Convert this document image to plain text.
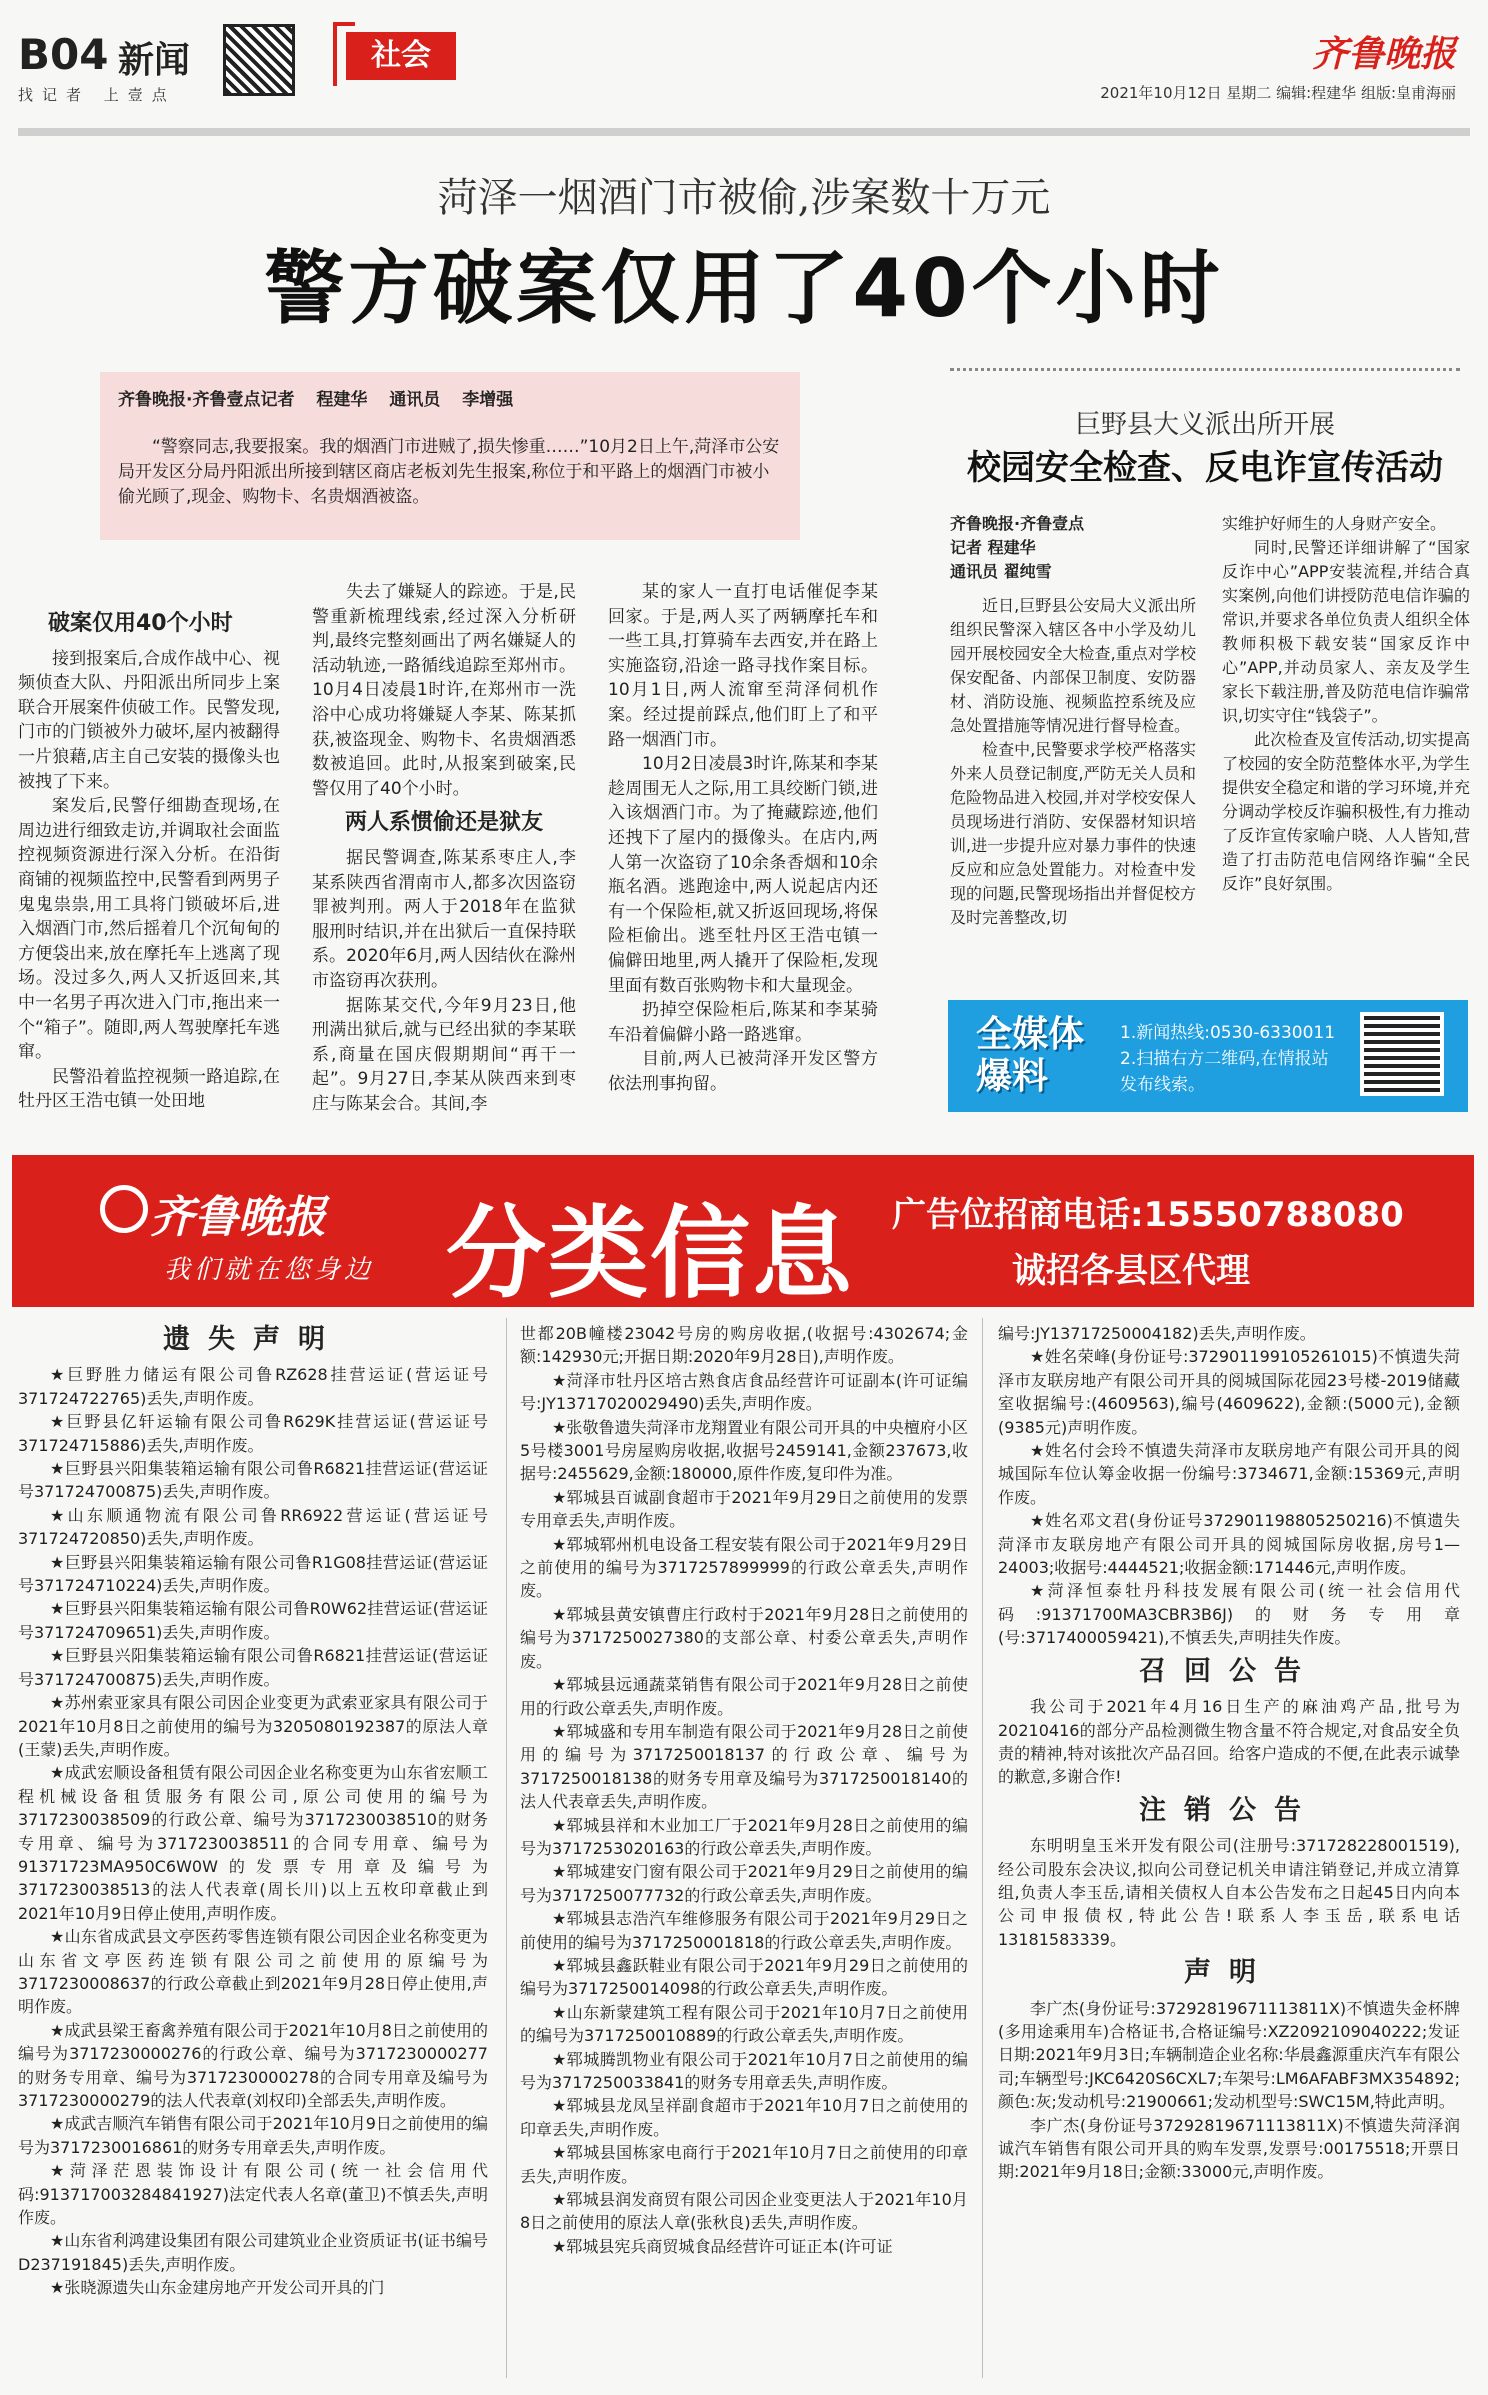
B04 新闻	社会
找记者 上壹点
齐鲁晚报
2021年10月12日 星期二 编辑:程建华 组版:皇甫海丽
菏泽一烟酒门市被偷,涉案数十万元
警方破案仅用了40个小时
齐鲁晚报·齐鲁壹点记者 程建华 通讯员 李增强

“警察同志,我要报案。我的烟酒门市进贼了,损失惨重……”10月2日上午,菏泽市公安局开发区分局丹阳派出所接到辖区商店老板刘先生报案,称位于和平路上的烟酒门市被小偷光顾了,现金、购物卡、名贵烟酒被盗。

破案仅用40个小时

接到报案后,合成作战中心、视频侦查大队、丹阳派出所同步上案联合开展案件侦破工作。民警发现,门市的门锁被外力破坏,屋内被翻得一片狼藉,店主自己安装的摄像头也被拽了下来。

案发后,民警仔细勘查现场,在周边进行细致走访,并调取社会面监控视频资源进行深入分析。在沿街商铺的视频监控中,民警看到两男子鬼鬼祟祟,用工具将门锁破坏后,进入烟酒门市,然后摇着几个沉甸甸的方便袋出来,放在摩托车上逃离了现场。没过多久,两人又折返回来,其中一名男子再次进入门市,拖出来一个“箱子”。随即,两人驾驶摩托车逃窜。

民警沿着监控视频一路追踪,在牡丹区王浩屯镇一处田地

失去了嫌疑人的踪迹。于是,民警重新梳理线索,经过深入分析研判,最终完整刻画出了两名嫌疑人的活动轨迹,一路循线追踪至郑州市。10月4日凌晨1时许,在郑州市一洗浴中心成功将嫌疑人李某、陈某抓获,被盗现金、购物卡、名贵烟酒悉数被追回。此时,从报案到破案,民警仅用了40个小时。

两人系惯偷还是狱友

据民警调查,陈某系枣庄人,李某系陕西省渭南市人,都多次因盗窃罪被判刑。两人于2018年在监狱服刑时结识,并在出狱后一直保持联系。2020年6月,两人因结伙在滁州市盗窃再次获刑。

据陈某交代,今年9月23日,他刑满出狱后,就与已经出狱的李某联系,商量在国庆假期期间“再干一起”。9月27日,李某从陕西来到枣庄与陈某会合。其间,李

某的家人一直打电话催促李某回家。于是,两人买了两辆摩托车和一些工具,打算骑车去西安,并在路上实施盗窃,沿途一路寻找作案目标。10月1日,两人流窜至菏泽伺机作案。经过提前踩点,他们盯上了和平路一烟酒门市。

10月2日凌晨3时许,陈某和李某趁周围无人之际,用工具绞断门锁,进入该烟酒门市。为了掩藏踪迹,他们还拽下了屋内的摄像头。在店内,两人第一次盗窃了10余条香烟和10余瓶名酒。逃跑途中,两人说起店内还有一个保险柜,就又折返回现场,将保险柜偷出。逃至牡丹区王浩屯镇一偏僻田地里,两人撬开了保险柜,发现里面有数百张购物卡和大量现金。

扔掉空保险柜后,陈某和李某骑车沿着偏僻小路一路逃窜。

目前,两人已被菏泽开发区警方依法刑事拘留。

巨野县大义派出所开展
校园安全检查、反电诈宣传活动
齐鲁晚报·齐鲁壹点
记者 程建华
通讯员 翟纯雪

近日,巨野县公安局大义派出所组织民警深入辖区各中小学及幼儿园开展校园安全大检查,重点对学校保安配备、内部保卫制度、安防器材、消防设施、视频监控系统及应急处置措施等情况进行督导检查。

检查中,民警要求学校严格落实外来人员登记制度,严防无关人员和危险物品进入校园,并对学校安保人员现场进行消防、安保器材知识培训,进一步提升应对暴力事件的快速反应和应急处置能力。对检查中发现的问题,民警现场指出并督促校方及时完善整改,切

实维护好师生的人身财产安全。

同时,民警还详细讲解了“国家反诈中心”APP安装流程,并结合真实案例,向他们讲授防范电信诈骗的常识,并要求各单位负责人组织全体教师积极下载安装“国家反诈中心”APP,并动员家人、亲友及学生家长下载注册,普及防范电信诈骗常识,切实守住“钱袋子”。

此次检查及宣传活动,切实提高了校园的安全防范整体水平,为学生提供安全稳定和谐的学习环境,并充分调动学校反诈骗积极性,有力推动了反诈宣传家喻户晓、人人皆知,营造了打击防范电信网络诈骗“全民反诈”良好氛围。

全媒体
爆料
1.新闻热线:0530-6330011
2.扫描右方二维码,在情报站
发布线索。
齐鲁晚报
我们就在您身边 分类信息 广告位招商电话:15550788080
诚招各县区代理
遗失声明

★巨野胜力储运有限公司鲁RZ628挂营运证(营运证号371724722765)丢失,声明作废。

★巨野县亿轩运输有限公司鲁R629K挂营运证(营运证号371724715886)丢失,声明作废。

★巨野县兴阳集装箱运输有限公司鲁R6821挂营运证(营运证号371724700875)丢失,声明作废。

★山东顺通物流有限公司鲁RR6922营运证(营运证号371724720850)丢失,声明作废。

★巨野县兴阳集装箱运输有限公司鲁R1G08挂营运证(营运证号371724710224)丢失,声明作废。

★巨野县兴阳集装箱运输有限公司鲁R0W62挂营运证(营运证号371724709651)丢失,声明作废。

★巨野县兴阳集装箱运输有限公司鲁R6821挂营运证(营运证号371724700875)丢失,声明作废。

★苏州索亚家具有限公司因企业变更为武索亚家具有限公司于2021年10月8日之前使用的编号为3205080192387的原法人章(王蒙)丢失,声明作废。

★成武宏顺设备租赁有限公司因企业名称变更为山东省宏顺工程机械设备租赁服务有限公司,原公司使用的编号为3717230038509的行政公章、编号为3717230038510的财务专用章、编号为3717230038511的合同专用章、编号为91371723MA950C6W0W的发票专用章及编号为3717230038513的法人代表章(周长川)以上五枚印章截止到2021年10月9日停止使用,声明作废。

★山东省成武县文亭医药零售连锁有限公司因企业名称变更为山东省文亭医药连锁有限公司之前使用的原编号为3717230008637的行政公章截止到2021年9月28日停止使用,声明作废。

★成武县梁王畜禽养殖有限公司于2021年10月8日之前使用的编号为3717230000276的行政公章、编号为3717230000277的财务专用章、编号为3717230000278的合同专用章及编号为3717230000279的法人代表章(刘权印)全部丢失,声明作废。

★成武吉顺汽车销售有限公司于2021年10月9日之前使用的编号为3717230016861的财务专用章丢失,声明作废。

★菏泽茫恩装饰设计有限公司(统一社会信用代码:913717003284841927)法定代表人名章(董卫)不慎丢失,声明作废。

★山东省利鸿建设集团有限公司建筑业企业资质证书(证书编号D237191845)丢失,声明作废。

★张晓源遗失山东金建房地产开发公司开具的门

世都20B幢楼23042号房的购房收据,(收据号:4302674;金额:142930元;开据日期:2020年9月28日),声明作废。

★菏泽市牡丹区培古熟食店食品经营许可证副本(许可证编号:JY13717020029490)丢失,声明作废。

★张敬鲁遗失菏泽市龙翔置业有限公司开具的中央檀府小区5号楼3001号房屋购房收据,收据号2459141,金额237673,收据号:2455629,金额:180000,原件作废,复印件为准。

★郓城县百诚副食超市于2021年9月29日之前使用的发票专用章丢失,声明作废。

★郓城郓州机电设备工程安装有限公司于2021年9月29日之前使用的编号为3717257899999的行政公章丢失,声明作废。

★郓城县黄安镇曹庄行政村于2021年9月28日之前使用的编号为3717250027380的支部公章、村委公章丢失,声明作废。

★郓城县远通蔬菜销售有限公司于2021年9月28日之前使用的行政公章丢失,声明作废。

★郓城盛和专用车制造有限公司于2021年9月28日之前使用的编号为3717250018137的行政公章、编号为3717250018138的财务专用章及编号为3717250018140的法人代表章丢失,声明作废。

★郓城县祥和木业加工厂于2021年9月28日之前使用的编号为3717253020163的行政公章丢失,声明作废。

★郓城建安门窗有限公司于2021年9月29日之前使用的编号为3717250077732的行政公章丢失,声明作废。

★郓城县志浩汽车维修服务有限公司于2021年9月29日之前使用的编号为3717250001818的行政公章丢失,声明作废。

★郓城县鑫跃鞋业有限公司于2021年9月29日之前使用的编号为3717250014098的行政公章丢失,声明作废。

★山东新蒙建筑工程有限公司于2021年10月7日之前使用的编号为3717250010889的行政公章丢失,声明作废。

★郓城腾凯物业有限公司于2021年10月7日之前使用的编号为3717250033841的财务专用章丢失,声明作废。

★郓城县龙凤呈祥副食超市于2021年10月7日之前使用的印章丢失,声明作废。

★郓城县国栋家电商行于2021年10月7日之前使用的印章丢失,声明作废。

★郓城县润发商贸有限公司因企业变更法人于2021年10月8日之前使用的原法人章(张秋良)丢失,声明作废。

★郓城县宪兵商贸城食品经营许可证正本(许可证

编号:JY13717250004182)丢失,声明作废。

★姓名荣峰(身份证号:372901199105261015)不慎遗失菏泽市友联房地产有限公司开具的阅城国际花园23号楼-2019储藏室收据编号:(4609563),编号(4609622),金额:(5000元),金额(9385元)声明作废。

★姓名付会玲不慎遗失菏泽市友联房地产有限公司开具的阅城国际车位认筹金收据一份编号:3734671,金额:15369元,声明作废。

★姓名邓文君(身份证号372901198805250216)不慎遗失菏泽市友联房地产有限公司开具的阅城国际房收据,房号1—24003;收据号:4444521;收据金额:171446元,声明作废。

★菏泽恒泰牡丹科技发展有限公司(统一社会信用代码:91371700MA3CBR3B6J)的财务专用章(号:3717400059421),不慎丢失,声明挂失作废。

召回公告

我公司于2021年4月16日生产的麻油鸡产品,批号为20210416的部分产品检测微生物含量不符合规定,对食品安全负责的精神,特对该批次产品召回。给客户造成的不便,在此表示诚挚的歉意,多谢合作!

注销公告

东明明皇玉米开发有限公司(注册号:371728228001519),经公司股东会决议,拟向公司登记机关申请注销登记,并成立清算组,负责人李玉岳,请相关债权人自本公告发布之日起45日内向本公司申报债权,特此公告!联系人李玉岳,联系电话13181583339。

声明

李广杰(身份证号:37292819671113811X)不慎遗失金杯牌(多用途乘用车)合格证书,合格证编号:XZ20921090402​22;发证日期:2021年9月3日;车辆制造企业名称:华晨鑫源重庆汽车有限公司;车辆型号:JKC6420S6CXL7;车架号:LM6AFABF3MX354892;颜色:灰;发动机号:21900661;发动机型号:SWC15M,特此声明。

李广杰(身份证号37292819671113811X)不慎遗失菏泽润诚汽车销售有限公司开具的购车发票,发票号:00175518;开票日期:2021年9月18日;金额:33000元,声明作废。
